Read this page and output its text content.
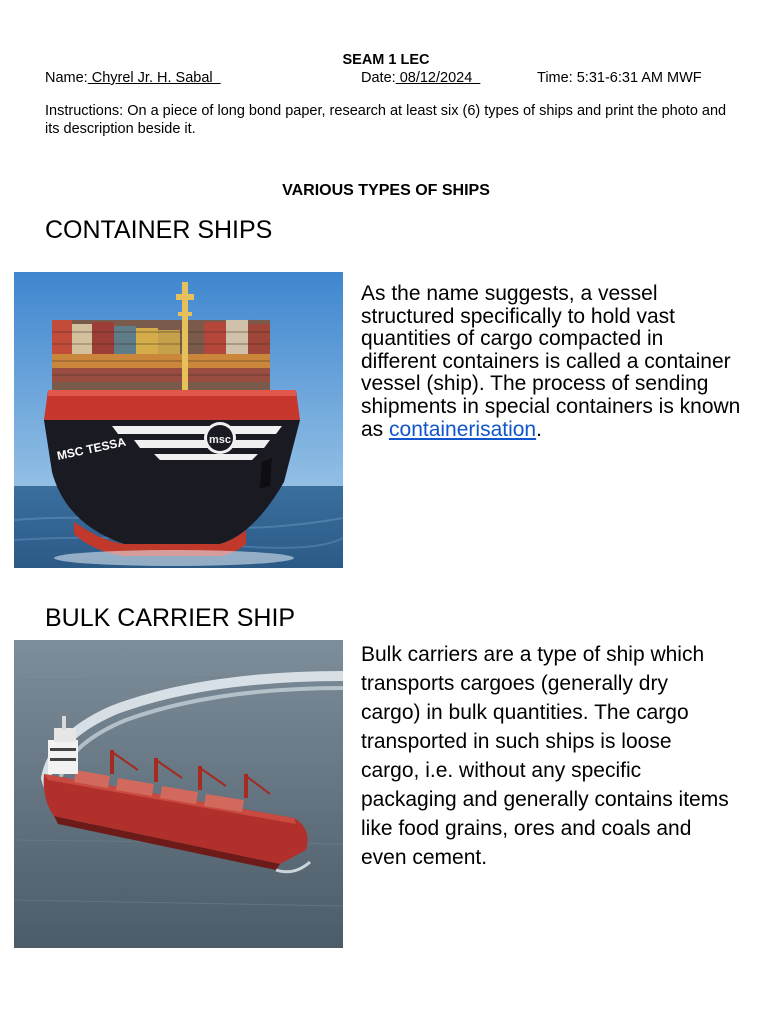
SEAM 1 LEC
Name: Chyrel Jr. H. Sabal	Date: 08/12/2024	Time: 5:31-6:31 AM MWF
Instructions: On a piece of long bond paper, research at least six (6) types of ships and print the photo and its description beside it.
VARIOUS TYPES OF SHIPS
CONTAINER SHIPS
msc
MSC TESSA
As the name suggests, a vessel structured specifically to hold vast quantities of cargo compacted in different containers is called a container vessel (ship). The process of sending shipments in special containers is known as containerisation.
BULK CARRIER SHIP
Bulk carriers are a type of ship which transports cargoes (generally dry cargo) in bulk quantities. The cargo transported in such ships is loose cargo, i.e. without any specific packaging and generally contains items like food grains, ores and coals and even cement.
